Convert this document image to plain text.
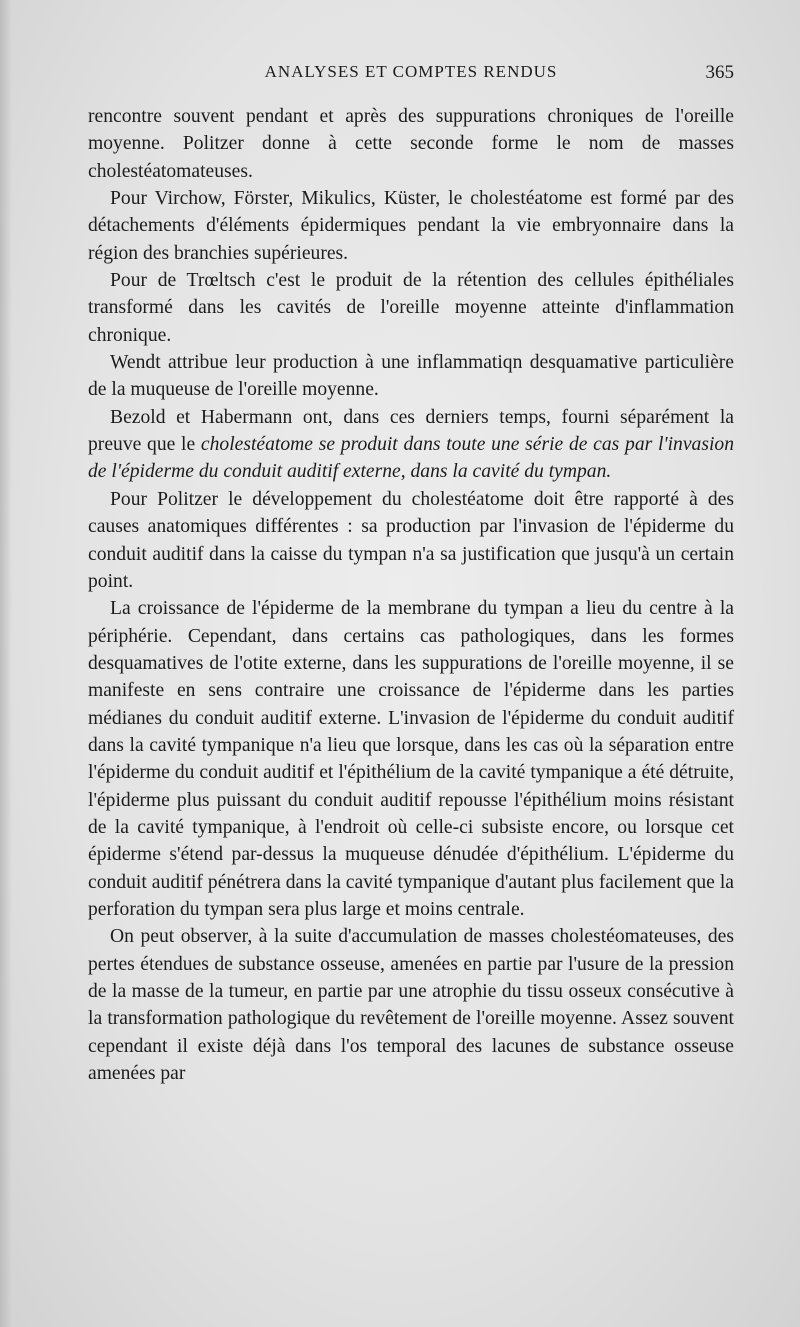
ANALYSES ET COMPTES RENDUS	365

rencontre souvent pendant et après des suppurations chroniques de l'oreille moyenne. Politzer donne à cette seconde forme le nom de masses cholestéatomateuses.

Pour Virchow, Förster, Mikulics, Küster, le cholestéatome est formé par des détachements d'éléments épidermiques pendant la vie embryonnaire dans la région des branchies supérieures.

Pour de Trœltsch c'est le produit de la rétention des cellules épithéliales transformé dans les cavités de l'oreille moyenne atteinte d'inflammation chronique.

Wendt attribue leur production à une inflammatiqn desquamative particulière de la muqueuse de l'oreille moyenne.

Bezold et Habermann ont, dans ces derniers temps, fourni séparément la preuve que le cholestéatome se produit dans toute une série de cas par l'invasion de l'épiderme du conduit auditif externe, dans la cavité du tympan.

Pour Politzer le développement du cholestéatome doit être rapporté à des causes anatomiques différentes : sa production par l'invasion de l'épiderme du conduit auditif dans la caisse du tympan n'a sa justification que jusqu'à un certain point.

La croissance de l'épiderme de la membrane du tympan a lieu du centre à la périphérie. Cependant, dans certains cas pathologiques, dans les formes desquamatives de l'otite externe, dans les suppurations de l'oreille moyenne, il se manifeste en sens contraire une croissance de l'épiderme dans les parties médianes du conduit auditif externe. L'invasion de l'épiderme du conduit auditif dans la cavité tympanique n'a lieu que lorsque, dans les cas où la séparation entre l'épiderme du conduit auditif et l'épithélium de la cavité tympanique a été détruite, l'épiderme plus puissant du conduit auditif repousse l'épithélium moins résistant de la cavité tympanique, à l'endroit où celle-ci subsiste encore, ou lorsque cet épiderme s'étend par-dessus la muqueuse dénudée d'épithélium. L'épiderme du conduit auditif pénétrera dans la cavité tympanique d'autant plus facilement que la perforation du tympan sera plus large et moins centrale.

On peut observer, à la suite d'accumulation de masses cholestéomateuses, des pertes étendues de substance osseuse, amenées en partie par l'usure de la pression de la masse de la tumeur, en partie par une atrophie du tissu osseux consécutive à la transformation pathologique du revêtement de l'oreille moyenne. Assez souvent cependant il existe déjà dans l'os temporal des lacunes de substance osseuse amenées par
